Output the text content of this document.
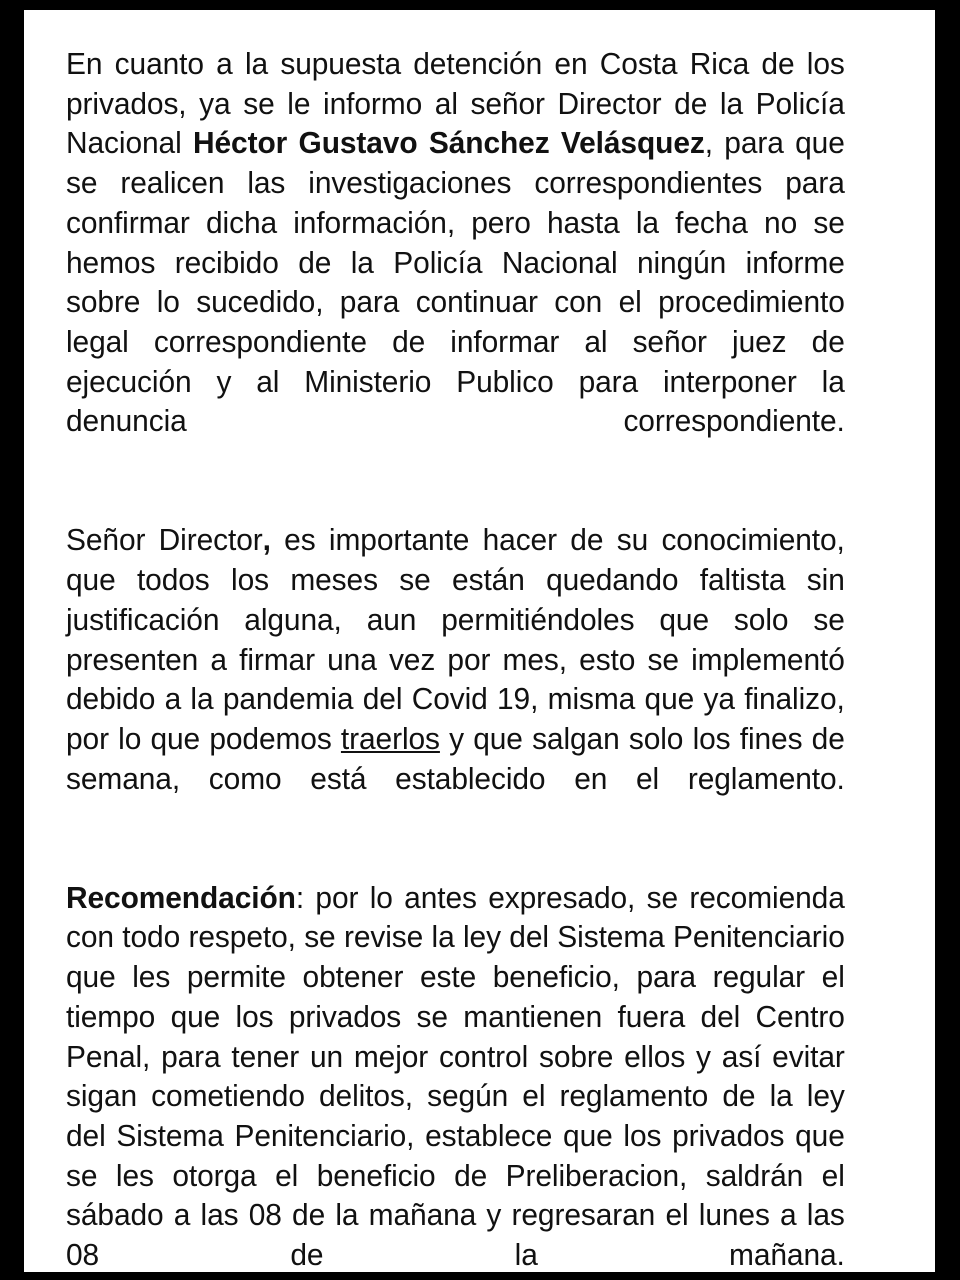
En cuanto a la supuesta detención en Costa Rica de los privados, ya se le informo al señor Director de la Policía Nacional Héctor Gustavo Sánchez Velásquez, para que se realicen las investigaciones correspondientes para confirmar dicha información, pero hasta la fecha no se hemos recibido de la Policía Nacional ningún informe sobre lo sucedido, para continuar con el procedimiento legal correspondiente de informar al señor juez de ejecución y al Ministerio Publico para interponer la denuncia correspondiente.

Señor Director, es importante hacer de su conocimiento, que todos los meses se están quedando faltista sin justificación alguna, aun permitiéndoles que solo se presenten a firmar una vez por mes, esto se implementó debido a la pandemia del Covid 19, misma que ya finalizo, por lo que podemos traerlos y que salgan solo los fines de semana, como está establecido en el reglamento.

Recomendación: por lo antes expresado, se recomienda con todo respeto, se revise la ley del Sistema Penitenciario que les permite obtener este beneficio, para regular el tiempo que los privados se mantienen fuera del Centro Penal, para tener un mejor control sobre ellos y así evitar sigan cometiendo delitos, según el reglamento de la ley del Sistema Penitenciario, establece que los privados que se les otorga el beneficio de Preliberacion, saldrán el sábado a las 08 de la mañana y regresaran el lunes a las 08 de la mañana.
